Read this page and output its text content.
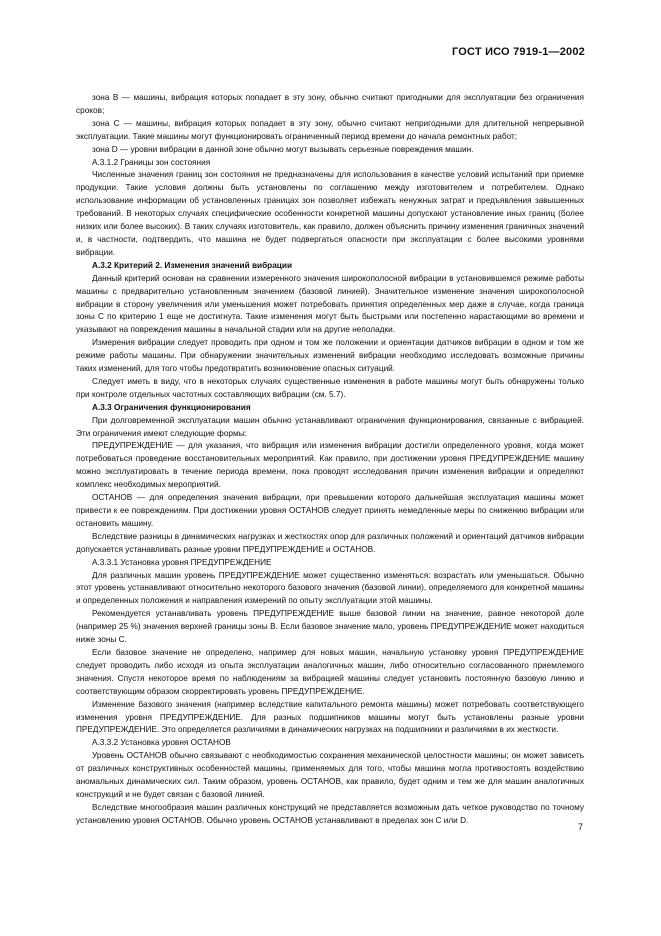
ГОСТ ИСО 7919-1—2002

зона В — машины, вибрация которых попадает в эту зону, обычно считают пригодными для эксплуатации без ограничения сроков;

зона С — машины, вибрация которых попадает в эту зону, обычно считают непригодными для длительной непрерывной эксплуатации. Такие машины могут функционировать ограниченный период времени до начала ремонтных работ;

зона D — уровни вибрации в данной зоне обычно могут вызывать серьезные повреждения машин.

А.3.1.2 Границы зон состояния

Численные значения границ зон состояния не предназначены для использования в качестве условий испытаний при приемке продукции. Такие условия должны быть установлены по соглашению между изготовителем и потребителем. Однако использование информации об установленных границах зон позволяет избежать ненужных затрат и предъявления завышенных требований. В некоторых случаях специфические особенности конкретной машины допускают установление иных границ (более низких или более высоких). В таких случаях изготовитель, как правило, должен объяснить причину изменения граничных значений и, в частности, подтвердить, что машина не будет подвергаться опасности при эксплуатации с более высокими уровнями вибрации.

А.3.2 Критерий 2. Изменения значений вибрации

Данный критерий основан на сравнении измеренного значения широкополосной вибрации в установившемся режиме работы машины с предварительно установленным значением (базовой линией). Значительное изменение значения широкополосной вибрации в сторону увеличения или уменьшения может потребовать принятия определенных мер даже в случае, когда граница зоны С по критерию 1 еще не достигнута. Такие изменения могут быть быстрыми или постепенно нарастающими во времени и указывают на повреждения машины в начальной стадии или на другие неполадки.

Измерения вибрации следует проводить при одном и том же положении и ориентации датчиков вибрации в одном и том же режиме работы машины. При обнаружении значительных изменений вибрации необходимо исследовать возможные причины таких изменений, для того чтобы предотвратить возникновение опасных ситуаций.

Следует иметь в виду, что в некоторых случаях существенные изменения в работе машины могут быть обнаружены только при контроле отдельных частотных составляющих вибрации (см. 5.7).

А.3.3 Ограничения функционирования

При долговременной эксплуатации машин обычно устанавливают ограничения функционирования, связанные с вибрацией. Эти ограничения имеют следующие формы:

ПРЕДУПРЕЖДЕНИЕ — для указания, что вибрация или изменения вибрации достигли определенного уровня, когда может потребоваться проведение восстановительных мероприятий. Как правило, при достижении уровня ПРЕДУПРЕЖДЕНИЕ машину можно эксплуатировать в течение периода времени, пока проводят исследования причин изменения вибрации и определяют комплекс необходимых мероприятий.

ОСТАНОВ — для определения значения вибрации, при превышении которого дальнейшая эксплуатация машины может привести к ее повреждениям. При достижении уровня ОСТАНОВ следует принять немедленные меры по снижению вибрации или остановить машину.

Вследствие разницы в динамических нагрузках и жесткостях опор для различных положений и ориентаций датчиков вибрации допускается устанавливать разные уровни ПРЕДУПРЕЖДЕНИЕ и ОСТАНОВ.

А.3.3.1 Установка уровня ПРЕДУПРЕЖДЕНИЕ

Для различных машин уровень ПРЕДУПРЕЖДЕНИЕ может существенно изменяться: возрастать или уменьшаться. Обычно этот уровень устанавливают относительно некоторого базового значения (базовой линии), определяемого для конкретной машины и определенных положения и направления измерений по опыту эксплуатации этой машины.

Рекомендуется устанавливать уровень ПРЕДУПРЕЖДЕНИЕ выше базовой линии на значение, равное некоторой доле (например 25 %) значения верхней границы зоны В. Если базовое значение мало, уровень ПРЕДУПРЕЖДЕНИЕ может находиться ниже зоны С.

Если базовое значение не определено, например для новых машин, начальную установку уровня ПРЕДУПРЕЖДЕНИЕ следует проводить либо исходя из опыта эксплуатации аналогичных машин, либо относительно согласованного приемлемого значения. Спустя некоторое время по наблюдениям за вибрацией машины следует установить постоянную базовую линию и соответствующим образом скорректировать уровень ПРЕДУПРЕЖДЕНИЕ.

Изменение базового значения (например вследствие капитального ремонта машины) может потребовать соответствующего изменения уровня ПРЕДУПРЕЖДЕНИЕ. Для разных подшипников машины могут быть установлены разные уровни ПРЕДУПРЕЖДЕНИЕ. Это определяется различиями в динамических нагрузках на подшипники и различиями в их жесткости.

А.3.3.2 Установка уровня ОСТАНОВ

Уровень ОСТАНОВ обычно связывают с необходимостью сохранения механической целостности машины; он может зависеть от различных конструктивных особенностей машины, применяемых для того, чтобы машина могла противостоять воздействию аномальных динамических сил. Таким образом, уровень ОСТАНОВ, как правило, будет одним и тем же для машин аналогичных конструкций и не будет связан с базовой линией.

Вследствие многообразия машин различных конструкций не представляется возможным дать четкое руководство по точному установлению уровня ОСТАНОВ. Обычно уровень ОСТАНОВ устанавливают в пределах зон С или D.

7
